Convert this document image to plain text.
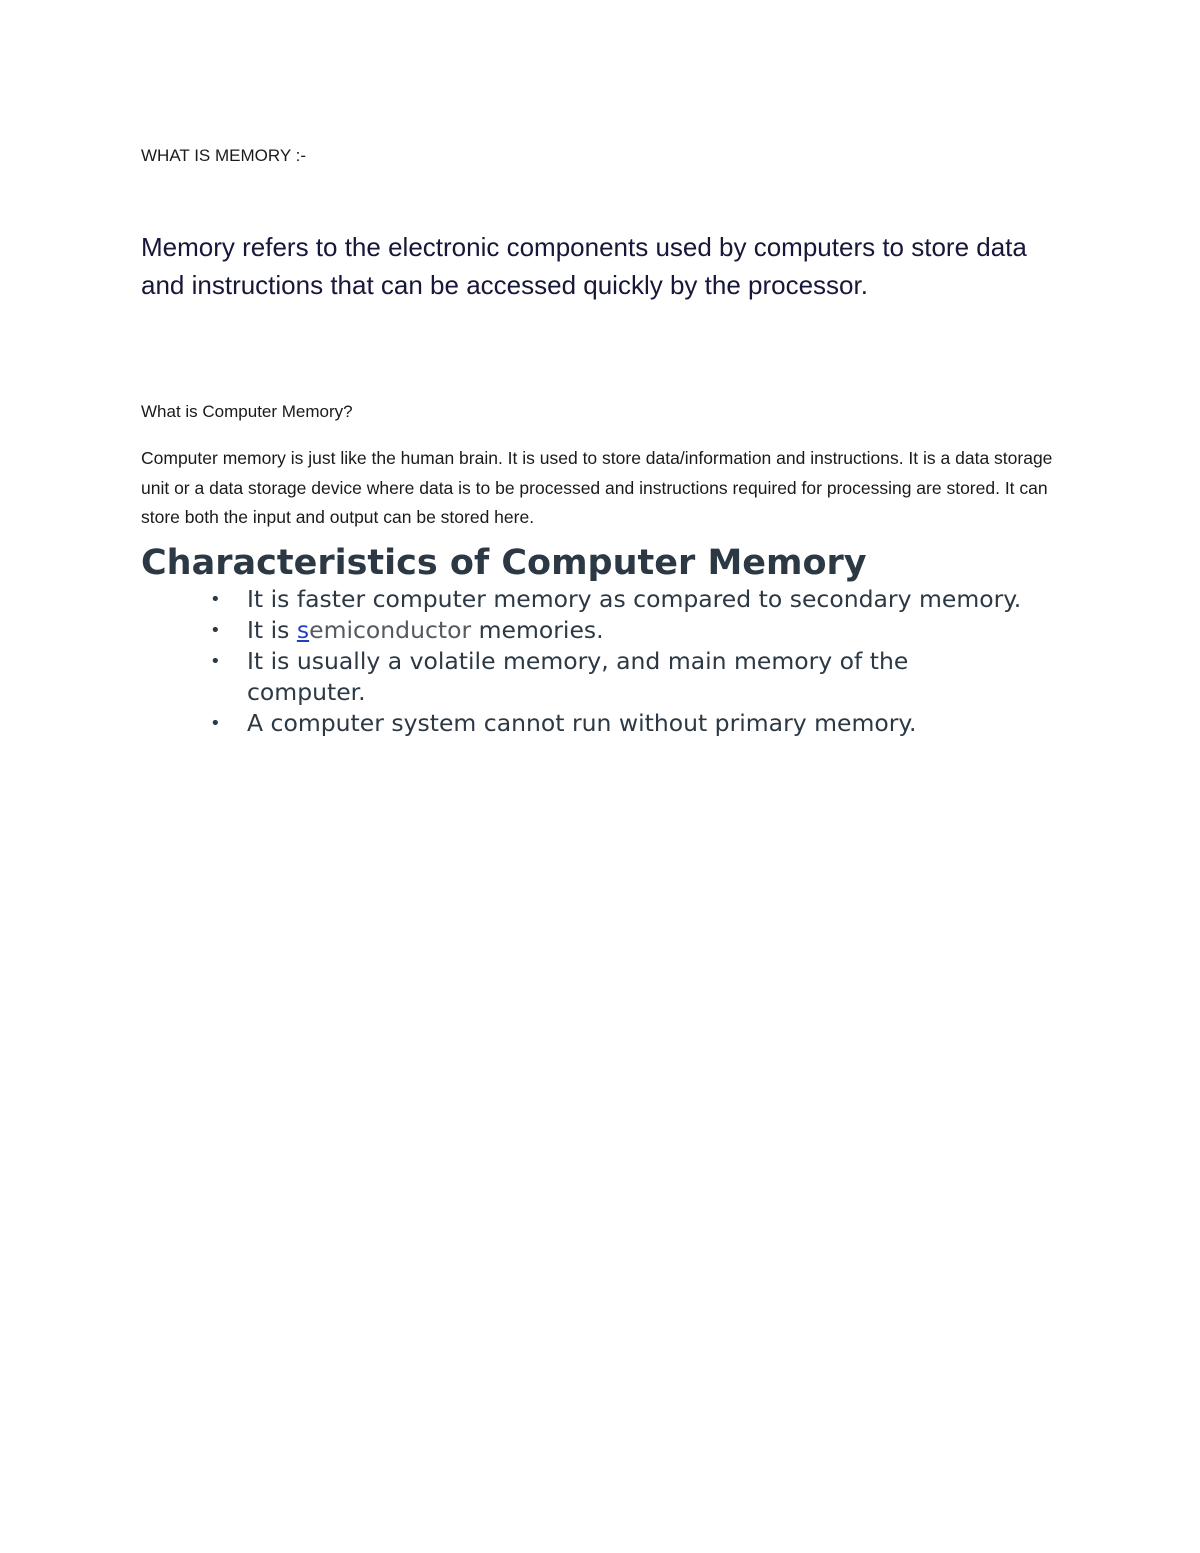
WHAT IS MEMORY :-

Memory refers to the electronic components used by computers to store data and instructions that can be accessed quickly by the processor.

What is Computer Memory?

Computer memory is just like the human brain. It is used to store data/information and instructions. It is a data storage unit or a data storage device where data is to be processed and instructions required for processing are stored. It can store both the input and output can be stored here.

Characteristics of Computer Memory
• It is faster computer memory as compared to secondary memory.
• It is semiconductor memories.
• It is usually a volatile memory, and main memory of the computer.
• A computer system cannot run without primary memory.
